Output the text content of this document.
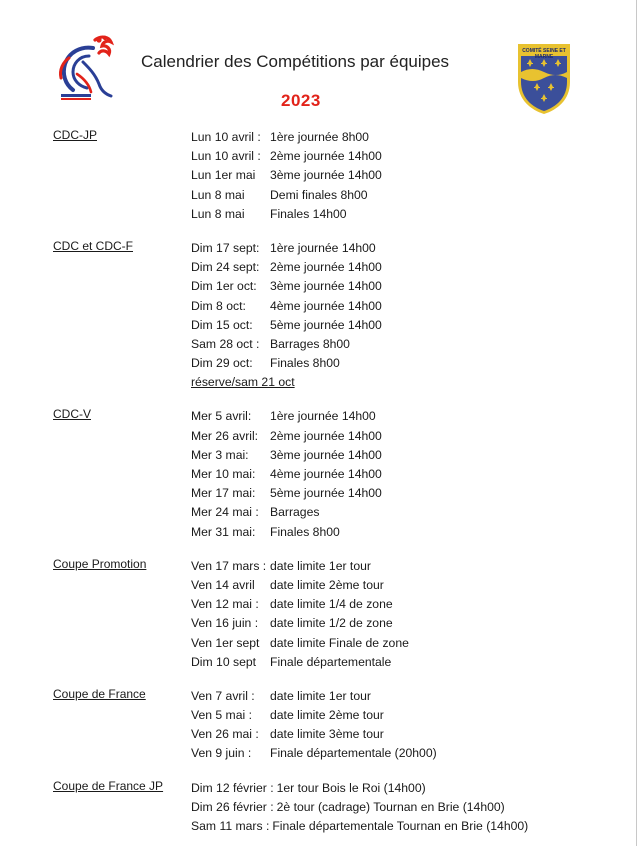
Calendrier des Compétitions par équipes
2023
COMITÉ SEINE ET MARNE
CDC-JP	Lun 10 avril : 1ère journée 8h00
Lun 10 avril : 2ème journée 14h00
Lun 1er mai 3ème journée 14h00
Lun 8 mai Demi finales 8h00
Lun 8 mai Finales 14h00
CDC et CDC-F	Dim 17 sept: 1ère journée 14h00
Dim 24 sept: 2ème journée 14h00
Dim 1er oct: 3ème journée 14h00
Dim 8 oct: 4ème journée 14h00
Dim 15 oct: 5ème journée 14h00
Sam 28 oct : Barrages 8h00
Dim 29 oct: Finales 8h00
réserve/sam 21 oct
CDC-V	Mer 5 avril: 1ère journée 14h00
Mer 26 avril: 2ème journée 14h00
Mer 3 mai: 3ème journée 14h00
Mer 10 mai: 4ème journée 14h00
Mer 17 mai: 5ème journée 14h00
Mer 24 mai : Barrages
Mer 31 mai: Finales 8h00
Coupe Promotion	Ven 17 mars : date limite 1er tour
Ven 14 avril date limite 2ème tour
Ven 12 mai : date limite 1/4 de zone
Ven 16 juin : date limite 1/2 de zone
Ven 1er sept date limite Finale de zone
Dim 10 sept Finale départementale
Coupe de France	Ven 7 avril : date limite 1er tour
Ven 5 mai : date limite 2ème tour
Ven 26 mai : date limite 3ème tour
Ven 9 juin : Finale départementale (20h00)
Coupe de France JP Dim 12 février : 1er tour Bois le Roi (14h00)
Dim 26 février : 2è tour (cadrage) Tournan en Brie (14h00)
Sam 11 mars : Finale départementale Tournan en Brie (14h00)
